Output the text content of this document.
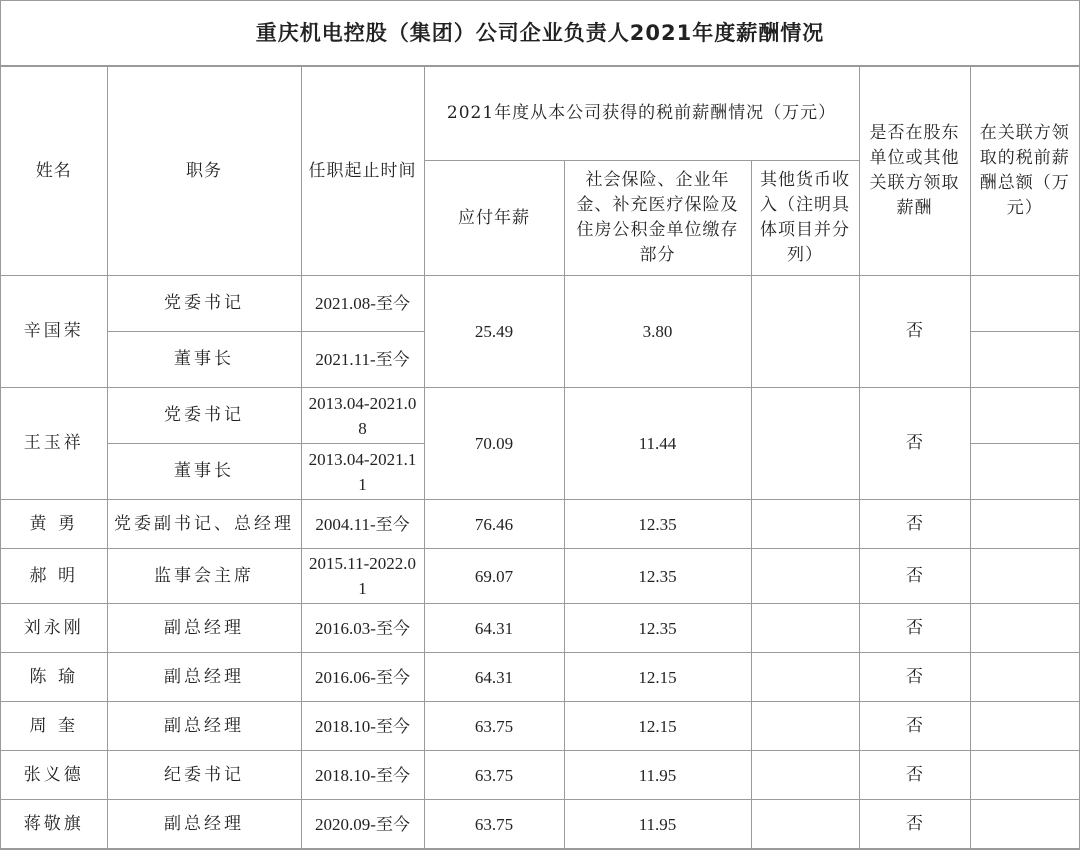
重庆机电控股（集团）公司企业负责人2021年度薪酬情况
姓名	职务	任职起止时间	2021年度从本公司获得的税前薪酬情况（万元）			是否在股东单位或其他关联方领取薪酬	在关联方领取的税前薪酬总额（万元）
			应付年薪	社会保险、企业年金、补充医疗保险及住房公积金单位缴存部分	其他货币收入（注明具体项目并分列）		
辛国荣	党委书记	2021.08-至今	25.49	3.80		否	
	董事长	2021.11-至今					
王玉祥	党委书记	2013.04-2021.08	70.09	11.44		否	
	董事长	2013.04-2021.11					
黄 勇	党委副书记、总经理	2004.11-至今	76.46	12.35		否	
郝 明	监事会主席	2015.11-2022.01	69.07	12.35		否	
刘永刚	副总经理	2016.03-至今	64.31	12.35		否	
陈 瑜	副总经理	2016.06-至今	64.31	12.15		否	
周 奎	副总经理	2018.10-至今	63.75	12.15		否	
张义德	纪委书记	2018.10-至今	63.75	11.95		否	
蒋敬旗	副总经理	2020.09-至今	63.75	11.95		否	
